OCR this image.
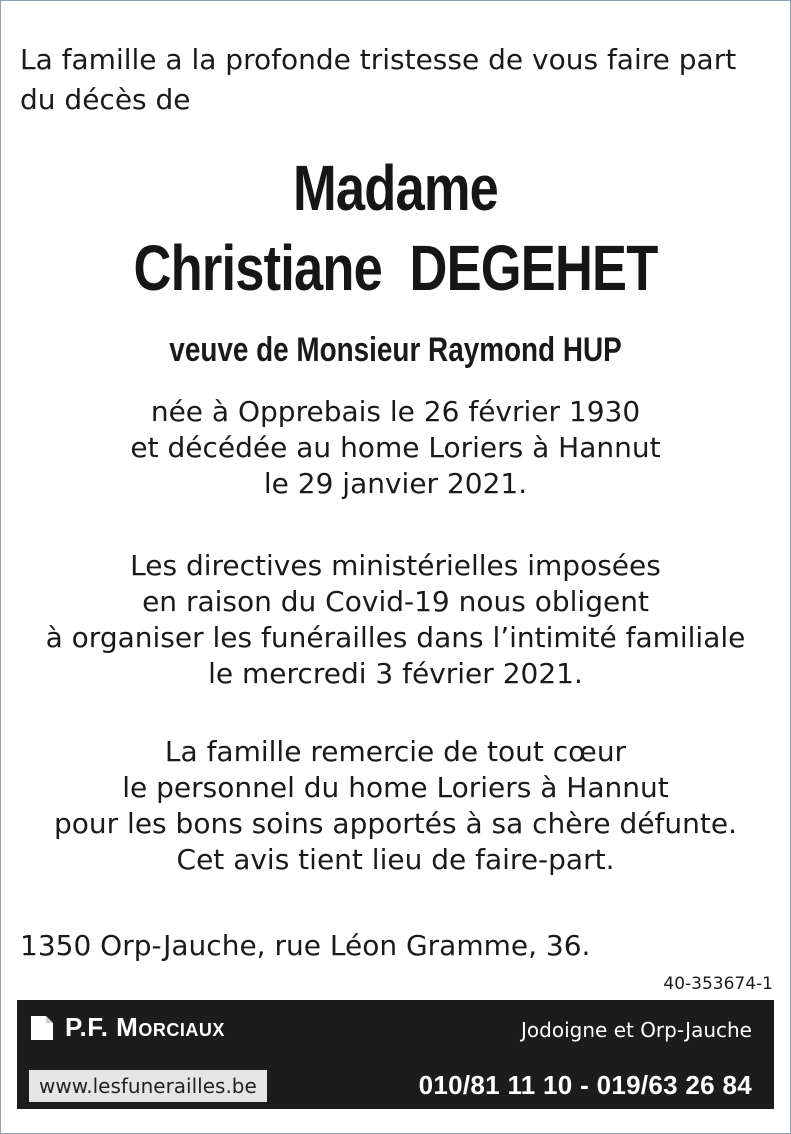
La famille a la profonde tristesse de vous faire part du décès de

Madame
Christiane  DEGEHET
veuve de Monsieur Raymond HUP

née à Opprebais le 26 février 1930
et décédée au home Loriers à Hannut
le 29 janvier 2021.

Les directives ministérielles imposées
en raison du Covid-19 nous obligent
à organiser les funérailles dans l’intimité familiale
le mercredi 3 février 2021.

La famille remercie de tout cœur
le personnel du home Loriers à Hannut
pour les bons soins apportés à sa chère défunte.
Cet avis tient lieu de faire-part.

1350 Orp-Jauche, rue Léon Gramme, 36.
40-353674-1
P.F. Morciaux	Jodoigne et Orp-Jauche
www.lesfunerailles.be	010/81 11 10 - 019/63 26 84
